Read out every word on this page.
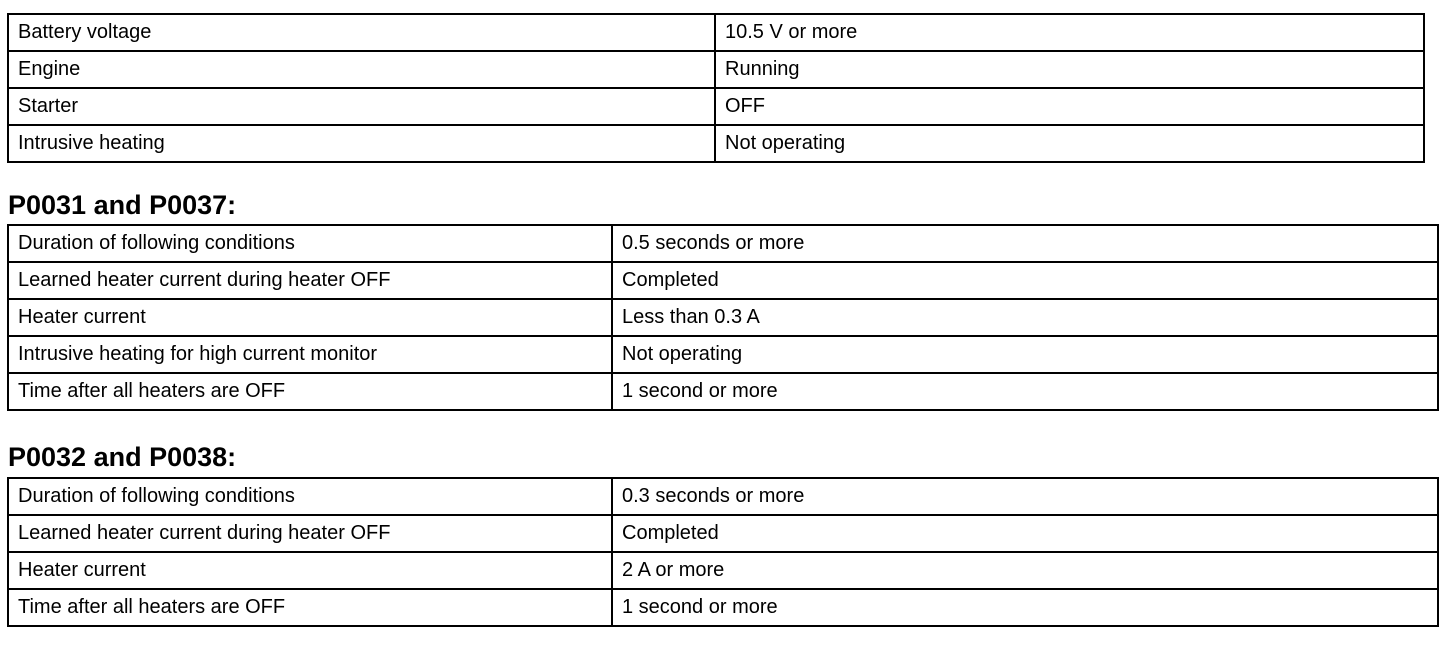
Battery voltage	10.5 V or more
Engine	Running
Starter	OFF
Intrusive heating	Not operating
P0031 and P0037:
Duration of following conditions	0.5 seconds or more
Learned heater current during heater OFF	Completed
Heater current	Less than 0.3 A
Intrusive heating for high current monitor	Not operating
Time after all heaters are OFF	1 second or more
P0032 and P0038:
Duration of following conditions	0.3 seconds or more
Learned heater current during heater OFF	Completed
Heater current	2 A or more
Time after all heaters are OFF	1 second or more
